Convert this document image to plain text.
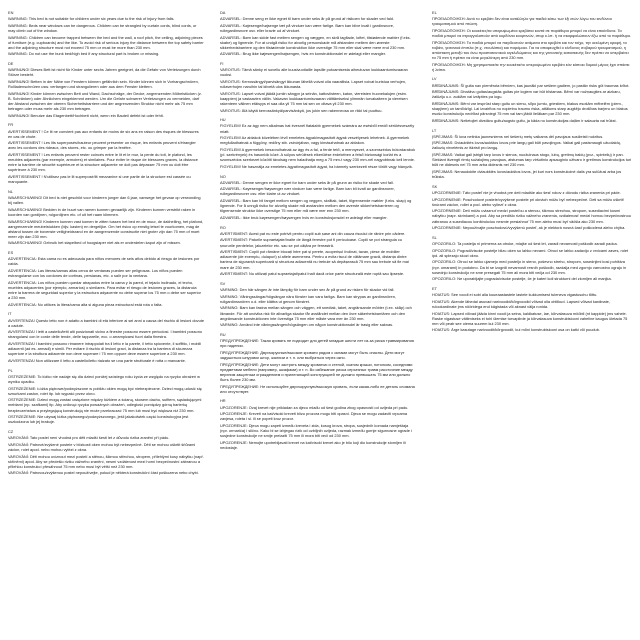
EN

WARNING: This bed is not suitable for children under six years due to the risk of injury from falls.

WARNING: Beds near windows can be dangerous. Children can be strangled by curtain cords, blind cords, or may climb out of the window.

WARNING: Children can become trapped between the bed and the wall, a roof pitch, the ceiling, adjoining pieces of furniture (e.g. cupboards) and the like. To avoid risk of serious injury the distance between the top safety barrier and the adjoining structure must not exceed 75 mm or must be more than 230 mm.

WARNING: Do not use the bunk bed/high bed if any structural part is broken or missing.

DE

WARNUNG! Dieses Bett ist nicht für Kinder unter sechs Jahren geeignet, da die Gefahr von Verletzungen durch Stürze besteht.

WARNUNG! Betten in der Nähe von Fenstern können gefährlich sein. Kinder können sich in Vorhangschnüren, Rollladenschnüren usw. verfangen und strangulieren oder aus dem Fenster klettern.

WARNUNG! Kinder können zwischen Bett und Wand, Dachschräge, der Decke, angrenzenden Möbelstücken (z. B. Schränken) oder Ähnlichem eingeklemmt werden. Um die Gefahr schwerer Verletzungen zu vermeiden, darf der Abstand zwischen der oberen Sicherheitsbarriere und der angrenzenden Struktur nicht mehr als 75 mm betragen oder muss mehr als 230 mm betragen.

WARNUNG! Benutze das Etagenbett/Hochbett nicht, wenn ein Bauteil defekt ist oder fehlt.

FR

AVERTISSEMENT ! Ce lit ne convient pas aux enfants de moins de six ans en raison des risques de blessures en cas de chute.

AVERTISSEMENT ! Les lits superposés/hauteur peuvent présenter un risque, les enfants peuvent s'étrangler avec les cordons des rideaux, des stores, etc. ou grimper par la fenêtre.

AVERTISSEMENT ! Les enfants peuvent rester coincés entre le lit et le mur, la pente du toit, le plafond, les meubles adjacents (par exemple, armoires) et similaires. Pour éviter le risque de blessures graves, la distance entre la barrière de sécurité supérieure et la structure adjacente ne doit pas dépasser 75 mm ou doit être supérieure à 230 mm.

AVERTISSEMENT ! N'utilisez pas le lit superposé/lit mezzanine si une partie de la structure est cassée ou manquante.

NL

WAARSCHUWING! Dit bed is niet geschikt voor kinderen jonger dan 6 jaar, vanwege het gevaar op verwonding bij vallen.

WAARSCHUWING! Bedden in de buurt van ramen kunnen gevaarlijk zijn. Kinderen kunnen verstrikt raken in koorden van gordijnen, rolgordijnen etc. of uit het raam klimmen.

WAARSCHUWING! Kinderen kunnen vast komen te zitten tussen het bed en de muur, de dakhelling, het plafond, aangrenzende meubelstukken (bijv. kasten) en dergelijke. Om het risico op ernstig letsel te voorkomen, mag de afstand tussen de bovenste veiligheidsrand en de aangrenzende constructie niet groter zijn dan 75 mm of moet meer zijn dan 230 mm.

WAARSCHUWING! Gebruik het stapelbed of hoogslaper niet als er onderdelen kapot zijn of missen.

ES

ADVERTENCIA: Esta cama no es adecuada para niños menores de seis años debido al riesgo de lesiones por caída.

ADVERTENCIA: Las literas/camas altas cerca de ventanas pueden ser peligrosas. Los niños pueden estrangularse con los cordones de cortinas, persianas, etc. o salir por la ventana.

ADVERTENCIA: Los niños pueden quedar atrapados entre la cama y la pared, el tejado inclinado, el techo, muebles adyacentes (por ejemplo, armarios) o similares. Para evitar el riesgo de lesiones graves, la distancia entre la barrera de seguridad superior y la estructura adyacente no debe superar los 75 mm o debe ser superior a 230 mm.

ADVERTENCIA: No utilices la litera/cama alta si alguna pieza estructural está rota o falta.

IT

AVVERTENZA! Questo letto non è adatto a bambini di età inferiore ai sei anni a causa del rischio di lesioni dovute a cadute.

AVVERTENZA! I letti a castello/letti alti posizionati vicino a finestre possono essere pericolosi. I bambini possono strangolarsi con le corde delle tende, delle tapparelle, ecc. o arrampicarsi fuori dalla finestra.

AVVERTENZA! I bambini possono rimanere intrappolati tra il letto e la parete, il tetto spiovente, il soffitto, i mobili adiacenti (ad es. armadi) e simili. Per evitare il rischio di lesioni gravi, la distanza tra la barriera di sicurezza superiore e la struttura adiacente non deve superare i 75 mm oppure deve essere superiore a 230 mm.

AVVERTENZA! Non utilizzare il letto a castello/letto rialzato se una parte strutturale è rotta o mancante.

PL

OSTRZEŻENIE: To łóżko nie nadaje się dla dzieci poniżej szóstego roku życia ze względu na ryzyko obrażeń w wyniku upadku.

OSTRZEŻENIE: Łóżka piętrowe/podwyższone w pobliżu okien mogą być niebezpieczne. Dzieci mogą udusić się sznurkami zasłon, rolet itp. lub wypaść przez okno.

OSTRZEŻENIE: Dzieci mogą zostać uwięzione między łóżkiem a ścianą, skosem dachu, sufitem, sąsiadującymi meblami (np. szafkami) itp. Aby uniknąć ryzyka poważnych obrażeń, odległość pomiędzy górną barierką bezpieczeństwa a przylegającą konstrukcją nie może przekraczać 75 mm lub musi być większa niż 230 mm.

OSTRZEŻENIE: Nie używaj łóżka piętrowego/podwyższonego, jeśli jakakolwiek część konstrukcyjna jest uszkodzona lub jej brakuje.

CZ

VAROVÁNÍ: Tato postel není vhodná pro děti mladší šesti let z důvodu rizika zranění při pádu.

VAROVÁNÍ: Patrové/zvýšené postele v blízkosti oken mohou být nebezpečné. Děti se mohou uškrtit šňůrami záclon, rolet apod. nebo mohou vylézt z okna.

VAROVÁNÍ: Děti mohou uvíznout mezi postelí a stěnou, šikmou střechou, stropem, přilehlými kusy nábytku (např. skříněmi) apod. Aby se předešlo riziku vážného zranění, nesmí vzdálenost mezi horní bezpečnostní zábranou a přilehlou konstrukcí přesáhnout 75 mm nebo musí být větší než 230 mm.

VAROVÁNÍ: Patrovou/zvýšenou postel nepoužívejte, pokud je některá konstrukční část poškozena nebo chybí.

DA

ADVARSEL: Denne seng er ikke egnet til børn under seks år på grund af risikoen for skader ved fald.

ADVARSEL: Køjesenge/højsenge tæt på vinduer kan være farlige. Børn kan blive kvalt i gardinsnore, rullegardinsnore osv. eller kravle ud af vinduet.

ADVARSEL: Børn kan sidde fast mellem sengen og væggen, en skrå tagflade, loftet, tilstødende møbler (f.eks. skabe) og lignende. For at undgå risiko for alvorlig personskade må afstanden mellem den øverste sikkerhedsbarriere og den tilstødende konstruktion ikke overstige 75 mm eller skal være mere end 230 mm.

ADVARSEL: Brug ikke køjesengen/højsengen, hvis en konstruktionsdel er ødelagt eller mangler.

FI

VAROITUS: Tämä sänky ei sovellu alle kuusivuotiaille lapsille putoamisesta aiheutuvan loukkaantumisvaaran vuoksi.

VAROITUS: Kerrossängyt/parvisängyt ikkunan lähellä voivat olla vaarallisia. Lapset voivat kuristua verhojen, rullaverhojen naruihin tai kiivetä ulos ikkunasta.

VAROITUS: Lapset voivat jäädä jumiin sängyn ja seinän, kattoviisteen, katon, viereisten huonekalujen (esim. kaappien) ja vastaavien väliin. Vakavan loukkaantumisvaaran välttämiseksi ylimmän turvakaiteen ja viereisen rakenteen välinen etäisyys ei saa olla yli 75 mm tai sen on oltava yli 230 mm.

VAROITUS: Älä käytä kerrossänkyä/parvisänkyä, jos jokin sen rakenneosa on rikki tai puuttuu.

HU

FIGYELEM! Ez az ágy nem alkalmas hat évesnél fiatalabb gyermekek számára az esésből eredő sérülésveszély miatt.

FIGYELEM! Az ablakok közelében lévő emeletes ágyak/magasított ágyak veszélyesek lehetnek. A gyermekek megfulladhatnak a függöny, redőny stb. zsinórjában, vagy kimászhatnak az ablakon.

FIGYELEM! A gyermekek beszorulhatnak az ágy és a fal, a ferde tető, a mennyezet, a szomszédos bútordarabok (pl. szekrények) és hasonlók közé. A súlyos sérülések elkerülése érdekében a felső biztonsági korlát és a szomszédos szerkezet közötti távolság nem haladhatja meg a 75 mm-t vagy 230 mm-nél nagyobbnak kell lennie.

FIGYELEM! Ne használja az emeletes ágyat/magasított ágyat, ha bármely szerkezeti része törött vagy hiányzik.

NO

ADVARSEL: Denne sengen er ikke egnet for barn under seks år på grunn av risiko for skade ved fall.

ADVARSEL: Køyesenger/høysenger nær vinduer kan være farlige. Barn kan bli kvalt av gardinsnorer, rullegardinsnorer osv. eller klatre ut av vinduet.

ADVARSEL: Barn kan bli fanget mellom sengen og veggen, skråtak, taket, tilgrensende møbler (f.eks. skap) og lignende. For å unngå risiko for alvorlig skade må avstanden mellom den øverste sikkerhetsbarrieren og tilgrensende struktur ikke overstige 75 mm eller må være mer enn 230 mm.

ADVARSEL: Ikke bruk køyesengen/høysengen hvis en konstruksjonsdel er ødelagt eller mangler.

RO

AVERTISMENT: Acest pat nu este potrivit pentru copiii sub șase ani din cauza riscului de rănire prin cădere.

AVERTISMENT: Paturile supraetajate/înalte de lângă ferestre pot fi periculoase. Copiii se pot strangula cu șnururile perdelelor, jaluzelelor etc. sau se pot cățăra pe fereastră.

AVERTISMENT: Copiii pot rămâne blocați între pat și perete, acoperișul înclinat, tavan, piese de mobilier adiacente (de exemplu, dulapuri) și altele asemenea. Pentru a evita riscul de vătămare gravă, distanța dintre bariera de siguranță superioară și structura adiacentă nu trebuie să depășească 75 mm sau trebuie să fie mai mare de 230 mm.

AVERTISMENT: Nu utilizați patul supraetajat/patul înalt dacă orice parte structurală este ruptă sau lipsește.

SV

VARNING: Den här sängen är inte lämplig för barn under sex år på grund av risken för skador vid fall.

VARNING: Våningssängar/högsängar nära fönster kan vara farliga. Barn kan strypas av gardinsnören, rullgardinssnören o.d. eller klättra ut genom fönstret.

VARNING: Barn kan fastna mellan sängen och väggen, ett snedtak, taket, angränsande möbler (t.ex. skåp) och liknande. För att undvika risk för allvarliga skador får avståndet mellan den övre säkerhetsbarriären och den angränsande konstruktionen inte överstiga 75 mm eller måste vara mer än 230 mm.

VARNING: Använd inte våningssängen/högsängen om någon konstruktionsdel är trasig eller saknas.

RU

ПРЕДУПРЕЖДЕНИЕ: Такая кровать не подходит для детей младше шести лет из-за риска травмирования при падении.

ПРЕДУПРЕЖДЕНИЕ: Двухъярусные/высокие кровати рядом с окнами могут быть опасны. Дети могут задушиться шнурами штор, жалюзи и т. п. или выбраться через окно.

ПРЕДУПРЕЖДЕНИЕ: Дети могут застрять между кроватью и стеной, скатом крыши, потолком, соседними предметами мебели (например, шкафами) и т. п. Во избежание риска серьезных травм расстояние между верхним защитным ограждением и прилегающей конструкцией не должно превышать 75 мм или должно быть более 230 мм.

ПРЕДУПРЕЖДЕНИЕ: Не используйте двухъярусную/высокую кровать, если какая-либо ее деталь сломана или отсутствует.

HR

UPOZORENJE: Ovaj krevet nije prikladan za djecu mlađu od šest godina zbog opasnosti od ozljeda pri padu.

UPOZORENJE: Kreveti na kat/visoki kreveti blizu prozora mogu biti opasni. Djeca se mogu zadaviti vrpcama zavjesa, roleta i sl. ili se popeti kroz prozor.

UPOZORENJE: Djeca mogu zapeti između kreveta i zida, kosog krova, stropa, susjednih komada namještaja (npr. ormarića) i slično. Kako bi se izbjegao rizik od ozbiljnih ozljeda, razmak između gornje sigurnosne ograde i susjedne konstrukcije ne smije prelaziti 75 mm ili mora biti veći od 230 mm.

UPOZORENJE: Nemojte upotrebljavati krevet na kat/visoki krevet ako je bilo koji dio konstrukcije slomljen ili nedostaje.

EL

ΠΡΟΕΙΔΟΠΟΙΗΣΗ: Αυτό το κρεβάτι δεν είναι κατάλληλο για παιδιά κάτω των έξι ετών λόγω του κινδύνου τραυματισμού από πτώση.

ΠΡΟΕΙΔΟΠΟΙΗΣΗ: Οι κουκέτες/τα υπερυψωμένα κρεβάτια κοντά σε παράθυρα μπορεί να είναι επικίνδυνα. Τα παιδιά μπορεί να στραγγαλιστούν από κορδόνια κουρτινών, στορ κ.λπ. ή να σκαρφαλώσουν έξω από το παράθυρο.

ΠΡΟΕΙΔΟΠΟΙΗΣΗ: Τα παιδιά μπορεί να παγιδευτούν ανάμεσα στο κρεβάτι και τον τοίχο, την κεκλιμένη οροφή, το ταβάνι, γειτονικά έπιπλα (π.χ. ντουλάπια) και παρόμοια. Για να αποφευχθεί ο κίνδυνος σοβαρού τραυματισμού, η απόσταση μεταξύ του άνω προστατευτικού κιγκλιδώματος και της γειτονικής κατασκευής δεν πρέπει να υπερβαίνει τα 75 mm ή πρέπει να είναι μεγαλύτερη από 230 mm.

ΠΡΟΕΙΔΟΠΟΙΗΣΗ: Μη χρησιμοποιείτε την κουκέτα/το υπερυψωμένο κρεβάτι εάν κάποιο δομικό μέρος έχει σπάσει ή λείπει.

LV

BRĪDINĀJUMS: Šī gulta nav piemērota bērniem, kas jaunāki par sešiem gadiem, jo pastāv risks gūt traumas krītot.

BRĪDINĀJUMS: Divstāvu gultas/augstās gultas pie logiem var būt bīstamas. Bērni var nožņaugties ar aizkaru, žalūziju u.c. auklām vai izrāpties pa logu.

BRĪDINĀJUMS: Bērni var iesprūst starp gultu un sienu, slīpo jumtu, griestiem, blakus esošām mēbelēm (piem., skapjiem) un tamlīdzīgi. Lai izvairītos no nopietnu traumu riska, attālums starp augšējo drošības barjeru un blakus esošo konstrukciju nedrīkst pārsniegt 75 mm vai tam jābūt lielākam par 230 mm.

BRĪDINĀJUMS: Nelietojiet divstāvu gultu/augsto gultu, ja kāda no konstrukcijas daļām ir salauzta vai trūkst.

LT

ĮSPĖJIMAS: Ši lova netinka jaunesniems nei šešerių metų vaikams dėl pavojaus susižeisti nukritus.

ĮSPĖJIMAS: Dviaukštės lovos/aukštos lovos prie langų gali būti pavojingos. Vaikai gali pasismaugti užuolaidų, žaliuzių virvelėmis ar iškristi pro langą.

ĮSPĖJIMAS: Vaikai gali įstrigti tarp lovos ir sienos, nuožulnaus stogo, lubų, gretimų baldų (pvz., spintelių) ir pan. Siekiant išvengti rimtų sužalojimų pavojaus, atstumas tarp viršutinio apsauginio užtvaro ir gretimos konstrukcijos turi būti ne didesnis nei 75 mm arba didesnis nei 230 mm.

ĮSPĖJIMAS: Nenaudokite dviaukštės lovos/aukštos lovos, jei kuri nors konstrukcinė dalis yra sulūžusi arba jos trūksta.

SK

UPOZORNENIE: Táto posteľ nie je vhodná pre deti mladšie ako šesť rokov z dôvodu rizika zranenia pri páde.

UPOZORNENIE: Poschodové postele/vyvýšené postele pri oknách môžu byť nebezpečné. Deti sa môžu uškrtiť šnúrami záclon, roliet a pod. alebo vyliezť z okna.

UPOZORNENIE: Deti môžu uviaznuť medzi posteľou a stenou, šikmou strechou, stropom, susediacimi kusmi nábytku (napr. skrinkami) a pod. Aby sa predišlo riziku vážneho zranenia, vzdialenosť medzi hornou bezpečnostnou zábranou a susediacou konštrukciou nesmie presiahnuť 75 mm alebo musí byť väčšia ako 230 mm.

UPOZORNENIE: Nepoužívajte poschodovú/vyvýšenú posteľ, ak je niektorá nosná časť poškodená alebo chýba.

SL

OPOZORILO: Ta postelja ni primerna za otroke, mlajše od šest let, zaradi nevarnosti poškodb zaradi padca.

OPOZORILO: Pogradi/visoke postelje blizu oken so lahko nevarni. Otroci se lahko zadavijo z vrvicami zaves, rolet ipd. ali splezajo skozi okno.

OPOZORILO: Otroci se lahko ujamejo med posteljo in steno, poševno streho, stropom, sosednjimi kosi pohištva (npr. omarami) in podobno. Da bi se izognili nevarnosti resnih poškodb, razdalja med zgornjo varnostno ograjo in sosednjo konstrukcijo ne sme presegati 75 mm ali mora biti večja od 230 mm.

OPOZORILO: Ne uporabljajte pograda/visoke postelje, če je kateri koli strukturni del zlomljen ali manjka.

ET

HOIATUS: See voodi ei sobi alla kuueaastastele lastele kukkumisest tuleneva vigastusohu tõttu.

HOIATUS: Akende lähedal asuvad narivoodid/kõrgvoodid võivad olla ohtlikud. Lapsed võivad kardinate, rulookardinate jms nööridega end kägistada või aknast välja ronida.

HOIATUS: Lapsed võivad jääda kinni voodi ja seina, kaldkatuse, lae, kõrvalasuva mööbli (nt kappide) jms vahele. Raske vigastuse vältimiseks ei tohi ülemise turvapiirde ja kõrvalasuva konstruktsiooni vaheline kaugus ületada 75 mm või peab see olema suurem kui 230 mm.

HOIATUS: Ärge kasutage narivoodit/kõrgvoodit, kui mõni konstruktsiooni osa on katki või puudub.
